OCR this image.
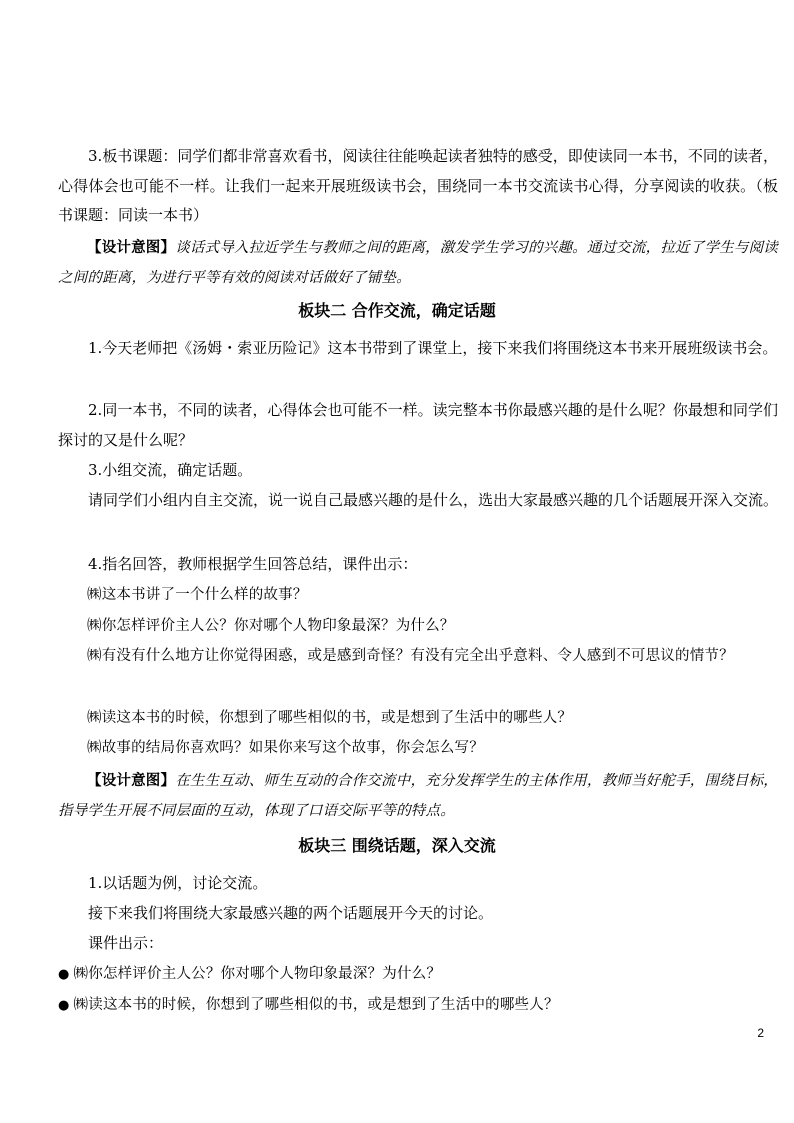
3.板书课题：同学们都非常喜欢看书，阅读往往能唤起读者独特的感受，即使读同一本书，不同的读者，心得体会也可能不一样。让我们一起来开展班级读书会，围绕同一本书交流读书心得，分享阅读的收获。（板书课题：同读一本书）

【设计意图】谈话式导入拉近学生与教师之间的距离，激发学生学习的兴趣。通过交流，拉近了学生与阅读之间的距离，为进行平等有效的阅读对话做好了铺垫。

板块二 合作交流，确定话题

1.今天老师把《汤姆・索亚历险记》这本书带到了课堂上，接下来我们将围绕这本书来开展班级读书会。

2.同一本书，不同的读者，心得体会也可能不一样。读完整本书你最感兴趣的是什么呢？你最想和同学们探讨的又是什么呢？

3.小组交流，确定话题。

请同学们小组内自主交流，说一说自己最感兴趣的是什么，选出大家最感兴趣的几个话题展开深入交流。

4.指名回答，教师根据学生回答总结，课件出示：

㈱这本书讲了一个什么样的故事？

㈱你怎样评价主人公？你对哪个人物印象最深？为什么？

㈱有没有什么地方让你觉得困惑，或是感到奇怪？有没有完全出乎意料、令人感到不可思议的情节？

㈱读这本书的时候，你想到了哪些相似的书，或是想到了生活中的哪些人？

㈱故事的结局你喜欢吗？如果你来写这个故事，你会怎么写？

【设计意图】在生生互动、师生互动的合作交流中，充分发挥学生的主体作用，教师当好舵手，围绕目标，指导学生开展不同层面的互动，体现了口语交际平等的特点。

板块三 围绕话题，深入交流

1.以话题为例，讨论交流。

接下来我们将围绕大家最感兴趣的两个话题展开今天的讨论。

课件出示：

● ㈱你怎样评价主人公？你对哪个人物印象最深？为什么？

● ㈱读这本书的时候，你想到了哪些相似的书，或是想到了生活中的哪些人？

2
